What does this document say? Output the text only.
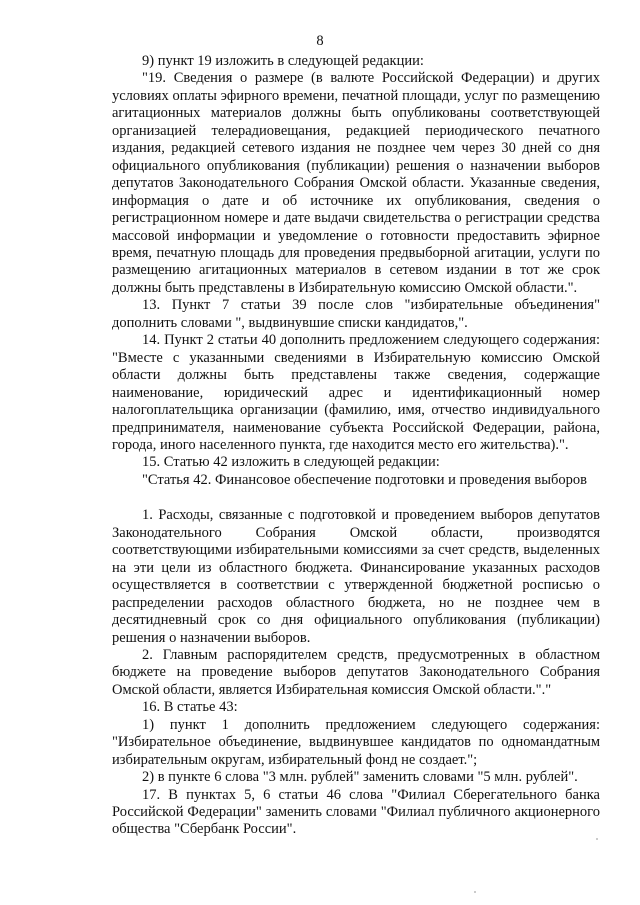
8

9) пункт 19 изложить в следующей редакции:

"19. Сведения о размере (в валюте Российской Федерации) и других условиях оплаты эфирного времени, печатной площади, услуг по размещению агитационных материалов должны быть опубликованы соответствующей организацией телерадиовещания, редакцией периодического печатного издания, редакцией сетевого издания не позднее чем через 30 дней со дня официального опубликования (публикации) решения о назначении выборов депутатов Законодательного Собрания Омской области. Указанные сведения, информация о дате и об источнике их опубликования, сведения о регистрационном номере и дате выдачи свидетельства о регистрации средства массовой информации и уведомление о готовности предоставить эфирное время, печатную площадь для проведения предвыборной агитации, услуги по размещению агитационных материалов в сетевом издании в тот же срок должны быть представлены в Избирательную комиссию Омской области.".

13. Пункт 7 статьи 39 после слов "избирательные объединения" дополнить словами ", выдвинувшие списки кандидатов,".

14. Пункт 2 статьи 40 дополнить предложением следующего содержания: "Вместе с указанными сведениями в Избирательную комиссию Омской области должны быть представлены также сведения, содержащие наименование, юридический адрес и идентификационный номер налогоплательщика организации (фамилию, имя, отчество индивидуального предпринимателя, наименование субъекта Российской Федерации, района, города, иного населенного пункта, где находится место его жительства).".

15. Статью 42 изложить в следующей редакции:

"Статья 42. Финансовое обеспечение подготовки и проведения выборов

1. Расходы, связанные с подготовкой и проведением выборов депутатов Законодательного Собрания Омской области, производятся соответствующими избирательными комиссиями за счет средств, выделенных на эти цели из областного бюджета. Финансирование указанных расходов осуществляется в соответствии с утвержденной бюджетной росписью о распределении расходов областного бюджета, но не позднее чем в десятидневный срок со дня официального опубликования (публикации) решения о назначении выборов.

2. Главным распорядителем средств, предусмотренных в областном бюджете на проведение выборов депутатов Законодательного Собрания Омской области, является Избирательная комиссия Омской области."."

16. В статье 43:

1) пункт 1 дополнить предложением следующего содержания: "Избирательное объединение, выдвинувшее кандидатов по одномандатным избирательным округам, избирательный фонд не создает.";

2) в пункте 6 слова "3 млн. рублей" заменить словами "5 млн. рублей".

17. В пунктах 5, 6 статьи 46 слова "Филиал Сберегательного банка Российской Федерации" заменить словами "Филиал публичного акционерного общества "Сбербанк России".
